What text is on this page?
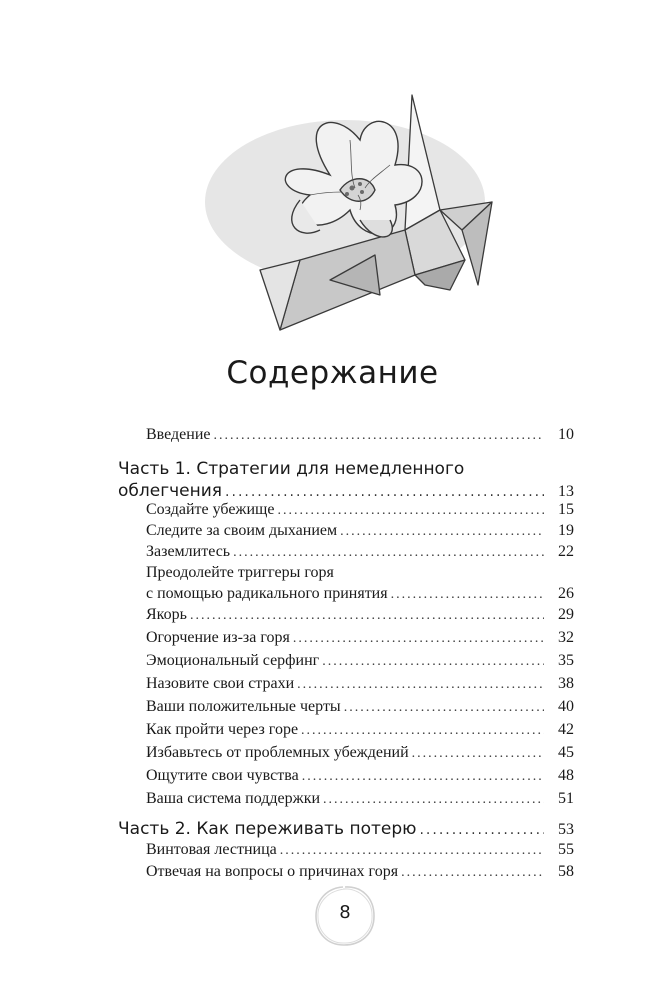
Содержание
Введение .....	10
Часть 1. Стратегии для немедленного
облегчения .....	13
Создайте убежище .....	15
Следите за своим дыханием .....	19
Заземлитесь .....	22
Преодолейте триггеры горя
с помощью радикального принятия .....	26
Якорь .....	29
Огорчение из-за горя .....	32
Эмоциональный серфинг .....	35
Назовите свои страхи .....	38
Ваши положительные черты .....	40
Как пройти через горе .....	42
Избавьтесь от проблемных убеждений .....	45
Ощутите свои чувства .....	48
Ваша система поддержки .....	51
Часть 2. Как переживать потерю .....	53
Винтовая лестница .....	55
Отвечая на вопросы о причинах горя .....	58
8
